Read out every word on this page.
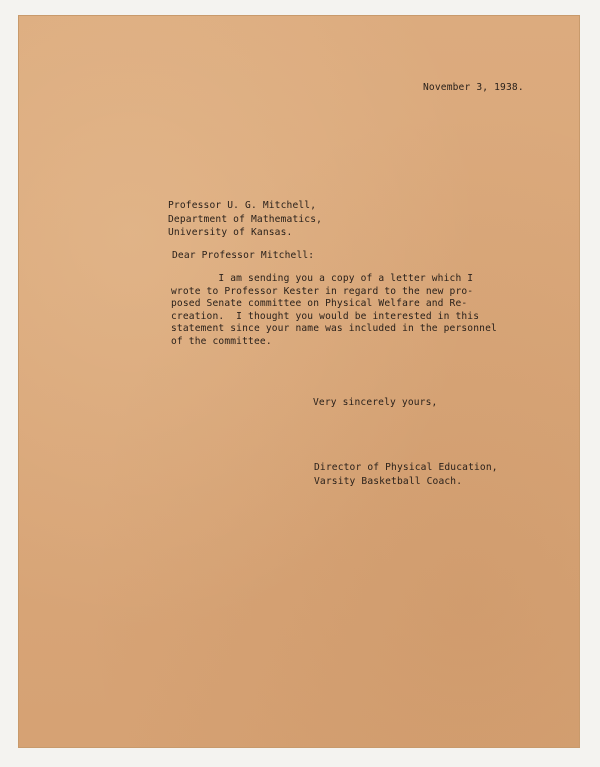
November 3, 1938.
Professor U. G. Mitchell,
Department of Mathematics,
University of Kansas.
Dear Professor Mitchell:
I am sending you a copy of a letter which I
wrote to Professor Kester in regard to the new pro-
posed Senate committee on Physical Welfare and Re-
creation.  I thought you would be interested in this
statement since your name was included in the personnel
of the committee.
Very sincerely yours,
Director of Physical Education,
Varsity Basketball Coach.
